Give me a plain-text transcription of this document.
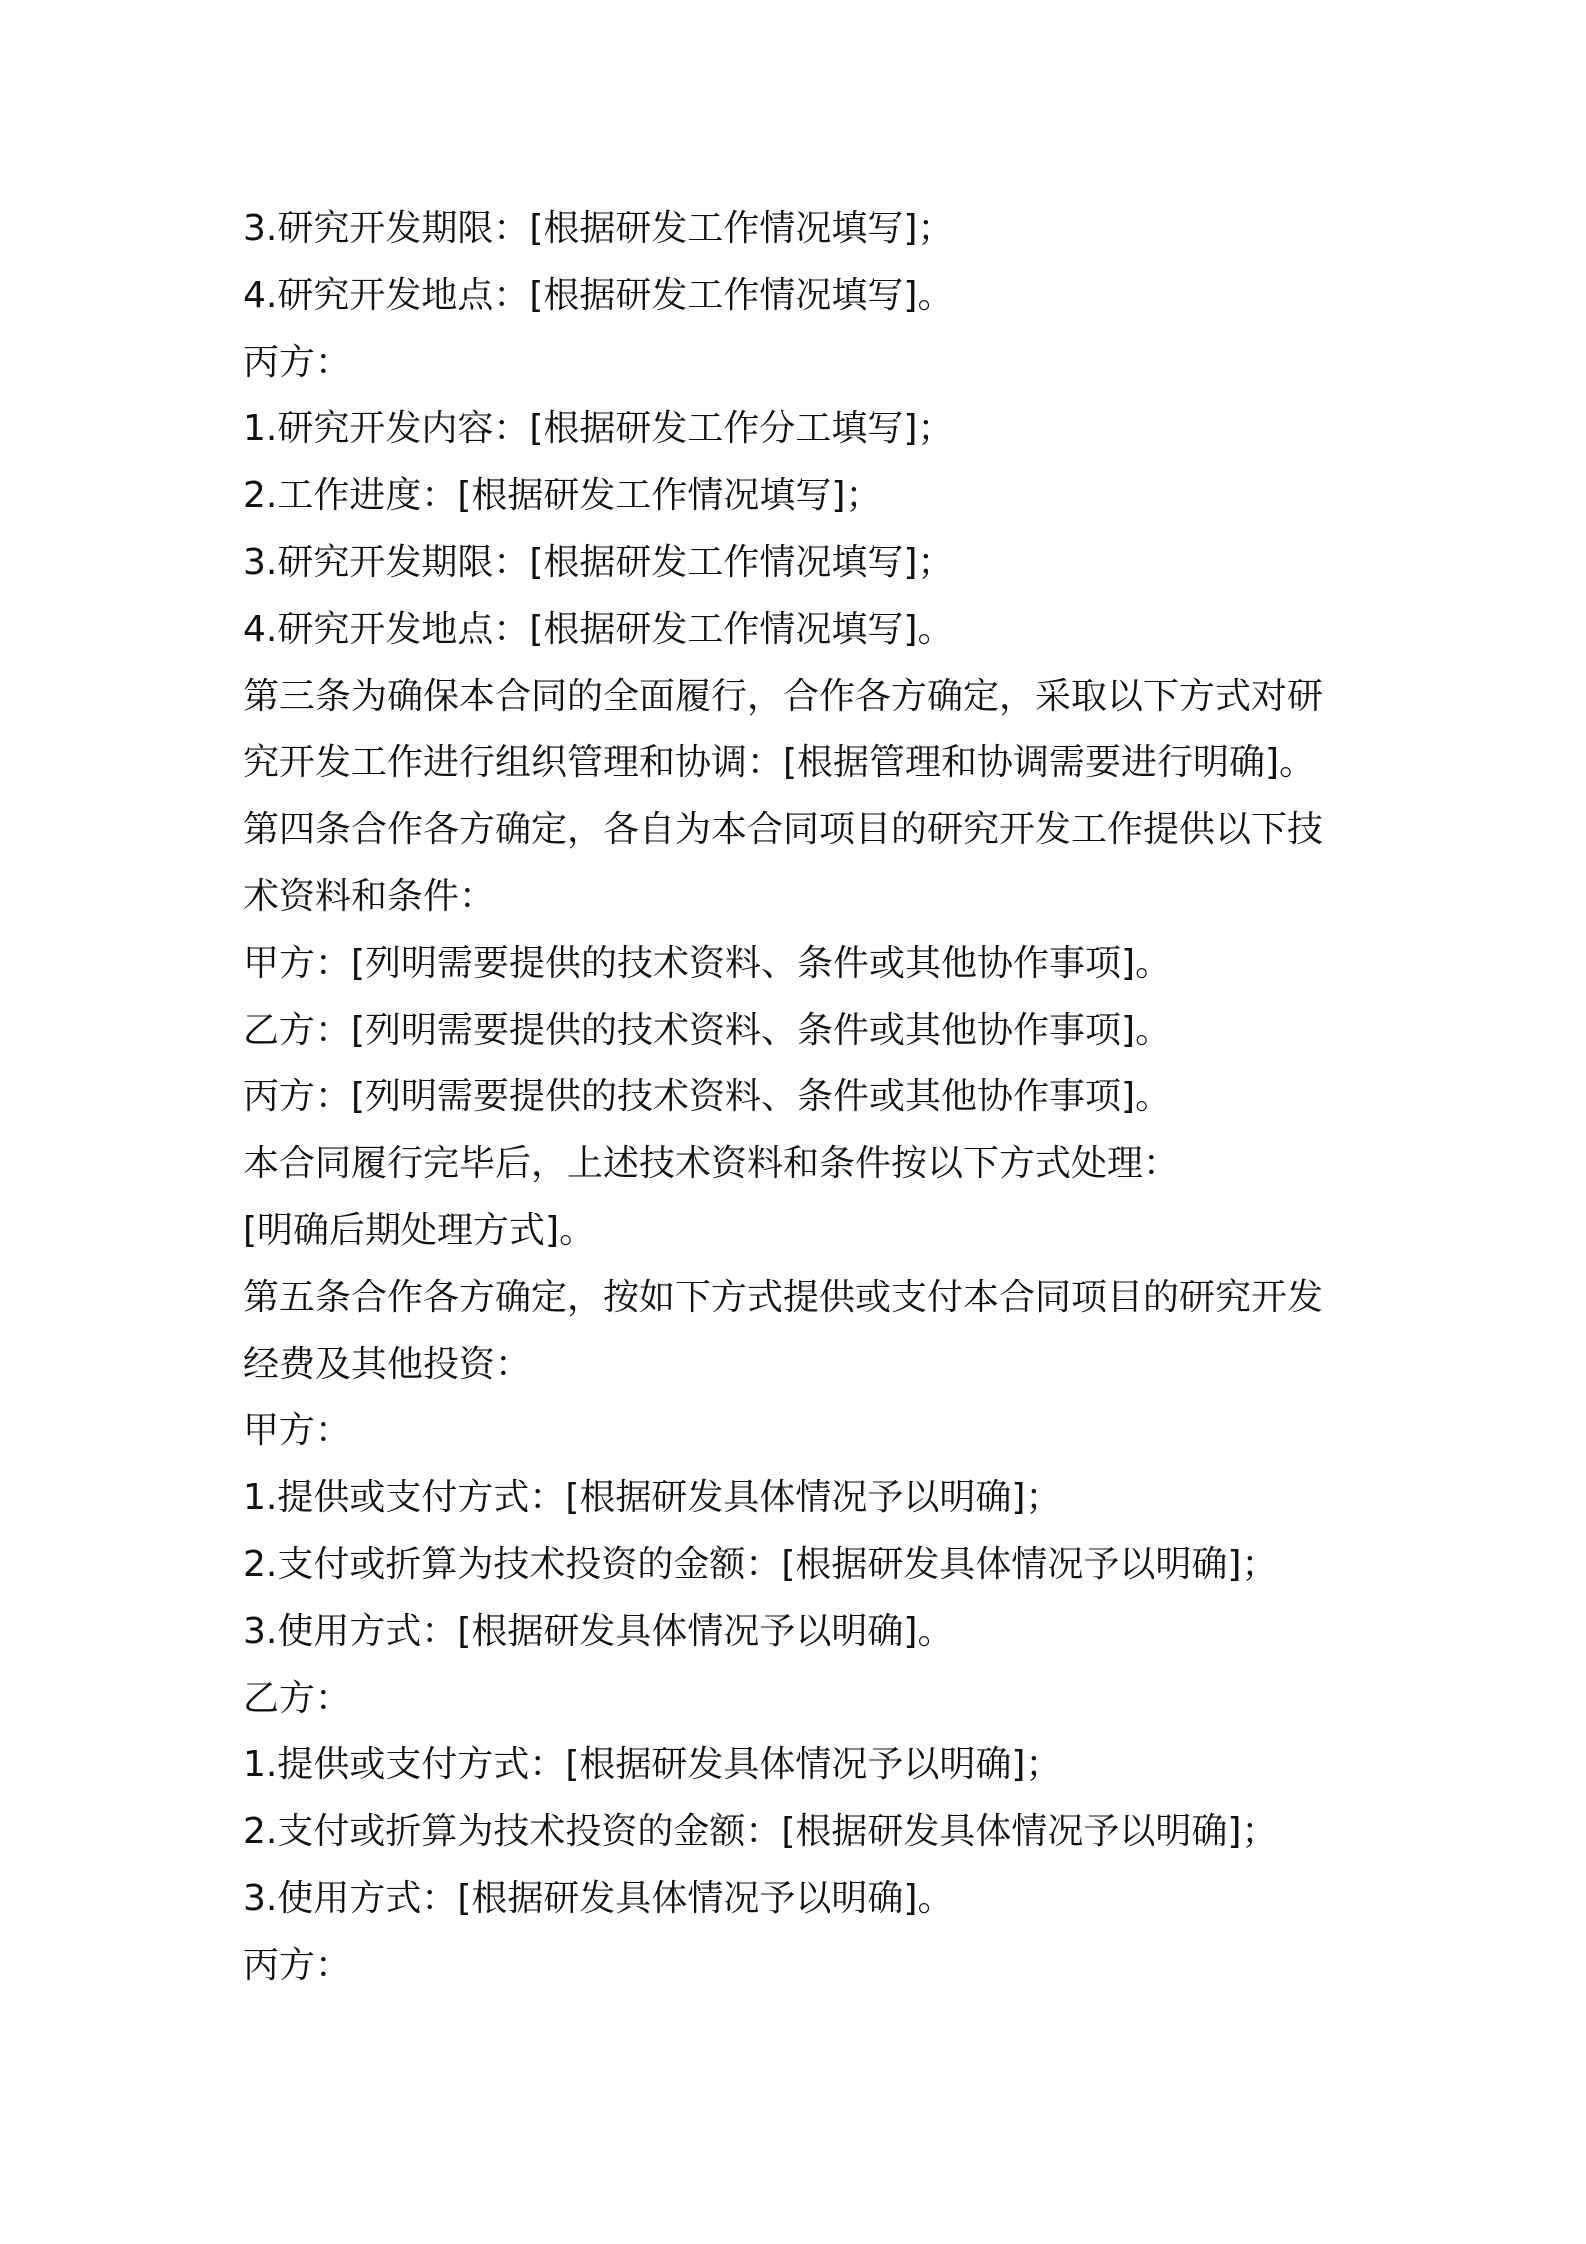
3.研究开发期限：[根据研发工作情况填写]；
4.研究开发地点：[根据研发工作情况填写]。
丙方：
1.研究开发内容：[根据研发工作分工填写]；
2.工作进度：[根据研发工作情况填写]；
3.研究开发期限：[根据研发工作情况填写]；
4.研究开发地点：[根据研发工作情况填写]。
第三条为确保本合同的全面履行，合作各方确定，采取以下方式对研
究开发工作进行组织管理和协调：[根据管理和协调需要进行明确]。
第四条合作各方确定，各自为本合同项目的研究开发工作提供以下技
术资料和条件：
甲方：[列明需要提供的技术资料、条件或其他协作事项]。
乙方：[列明需要提供的技术资料、条件或其他协作事项]。
丙方：[列明需要提供的技术资料、条件或其他协作事项]。
本合同履行完毕后，上述技术资料和条件按以下方式处理：
[明确后期处理方式]。
第五条合作各方确定，按如下方式提供或支付本合同项目的研究开发
经费及其他投资：
甲方：
1.提供或支付方式：[根据研发具体情况予以明确]；
2.支付或折算为技术投资的金额：[根据研发具体情况予以明确]；
3.使用方式：[根据研发具体情况予以明确]。
乙方：
1.提供或支付方式：[根据研发具体情况予以明确]；
2.支付或折算为技术投资的金额：[根据研发具体情况予以明确]；
3.使用方式：[根据研发具体情况予以明确]。
丙方：
